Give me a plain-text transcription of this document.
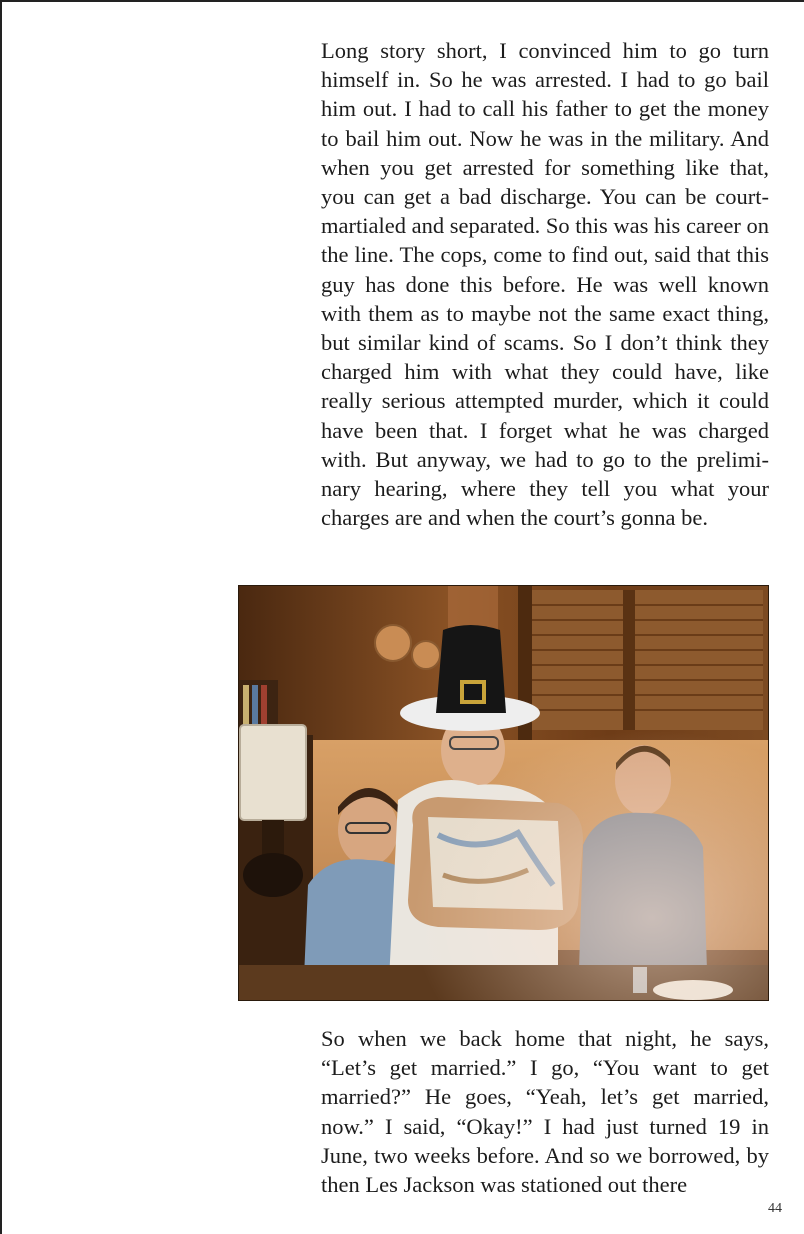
Long story short, I convinced him to go turn himself in. So he was arrested. I had to go bail him out. I had to call his father to get the money to bail him out. Now he was in the military. And when you get arrested for something like that, you can get a bad discharge. You can be court-martialed and separated. So this was his career on the line. The cops, come to find out, said that this guy has done this before. He was well known with them as to maybe not the same exact thing, but similar kind of scams. So I don’t think they charged him with what they could have, like really serious attempted murder, which it could have been that. I forget what he was charged with. But anyway, we had to go to the preliminary hearing, where they tell you what your charges are and when the court’s gonna be.

So when we back home that night, he says, “Let’s get married.” I go, “You want to get married?” He goes, “Yeah, let’s get married, now.” I said, “Okay!” I had just turned 19 in June, two weeks before. And so we borrowed, by then Les Jackson was stationed out there

44
